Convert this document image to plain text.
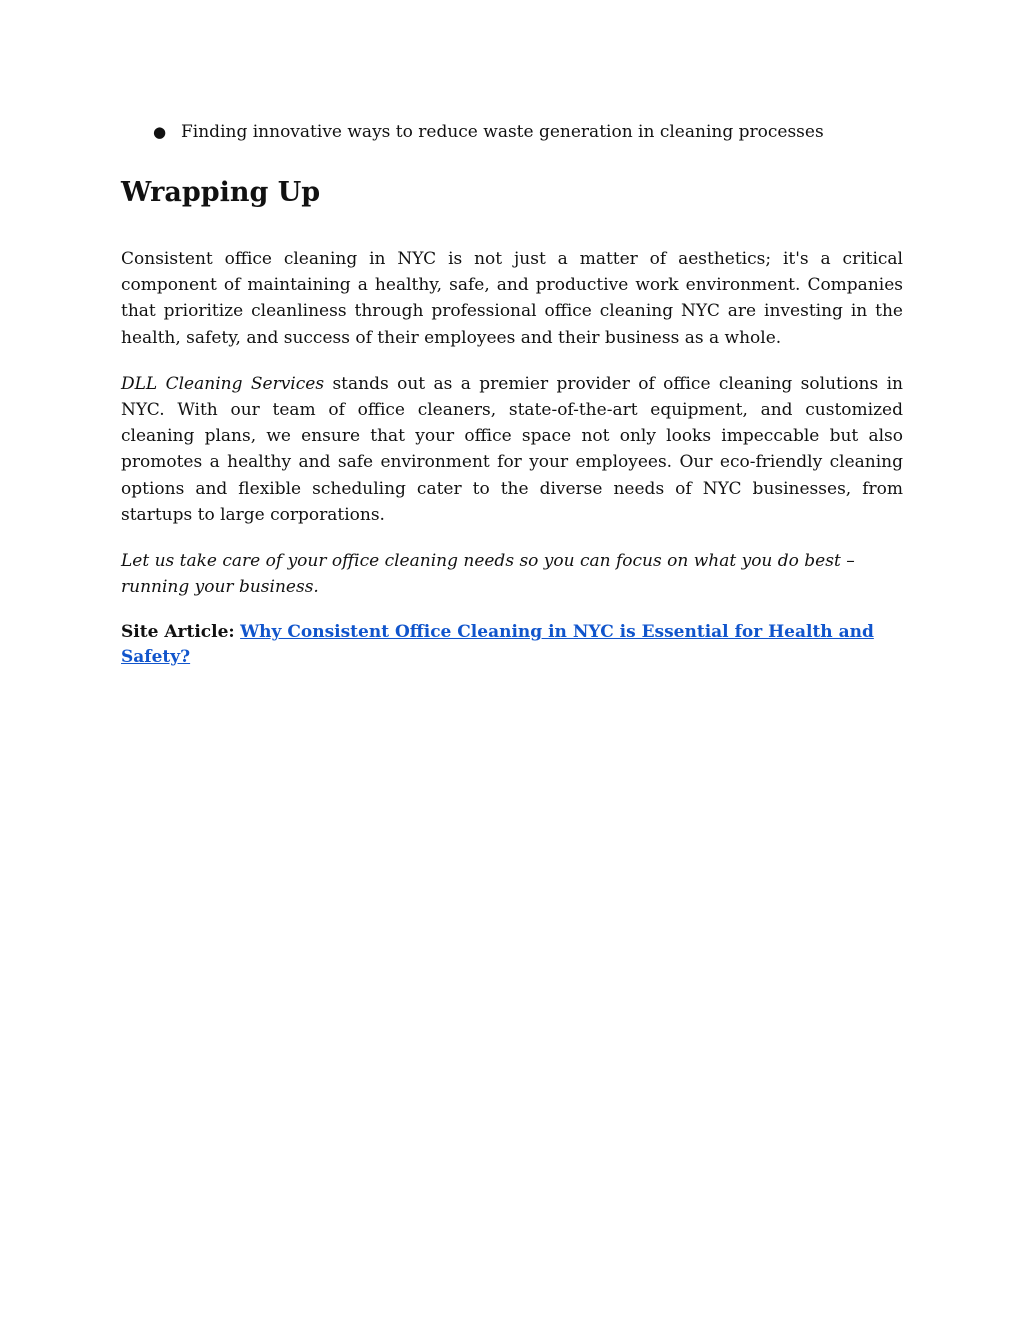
● Finding innovative ways to reduce waste generation in cleaning processes
Wrapping Up

Consistent office cleaning in NYC is not just a matter of aesthetics; it's a critical component of maintaining a healthy, safe, and productive work environment. Companies that prioritize cleanliness through professional office cleaning NYC are investing in the health, safety, and success of their employees and their business as a whole.

DLL Cleaning Services stands out as a premier provider of office cleaning solutions in NYC. With our team of office cleaners, state-of-the-art equipment, and customized cleaning plans, we ensure that your office space not only looks impeccable but also promotes a healthy and safe environment for your employees. Our eco-friendly cleaning options and flexible scheduling cater to the diverse needs of NYC businesses, from startups to large corporations.

Let us take care of your office cleaning needs so you can focus on what you do best – running your business.

Site Article: Why Consistent Office Cleaning in NYC is Essential for Health and Safety?
